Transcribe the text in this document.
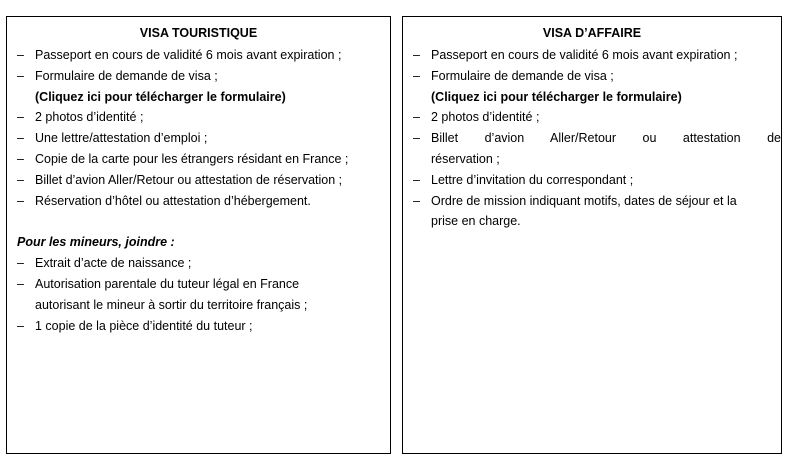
VISA TOURISTIQUE
– Passeport en cours de validité 6 mois avant expiration ;
– Formulaire de demande de visa ;
(Cliquez ici pour télécharger le formulaire)
– 2 photos d’identité ;
– Une lettre/attestation d’emploi ;
– Copie de la carte pour les étrangers résidant en France ;
– Billet d’avion Aller/Retour ou attestation de réservation ;
– Réservation d’hôtel ou attestation d’hébergement.
Pour les mineurs, joindre :
– Extrait d’acte de naissance ;
– Autorisation parentale du tuteur légal en France
autorisant le mineur à sortir du territoire français ;
– 1 copie de la pièce d’identité du tuteur ;
VISA D’AFFAIRE
– Passeport en cours de validité 6 mois avant expiration ;
– Formulaire de demande de visa ;
(Cliquez ici pour télécharger le formulaire)
– 2 photos d’identité ;
– Billet d’avion Aller/Retour ou attestation de
réservation ;
– Lettre d’invitation du correspondant ;
– Ordre de mission indiquant motifs, dates de séjour et la
prise en charge.
